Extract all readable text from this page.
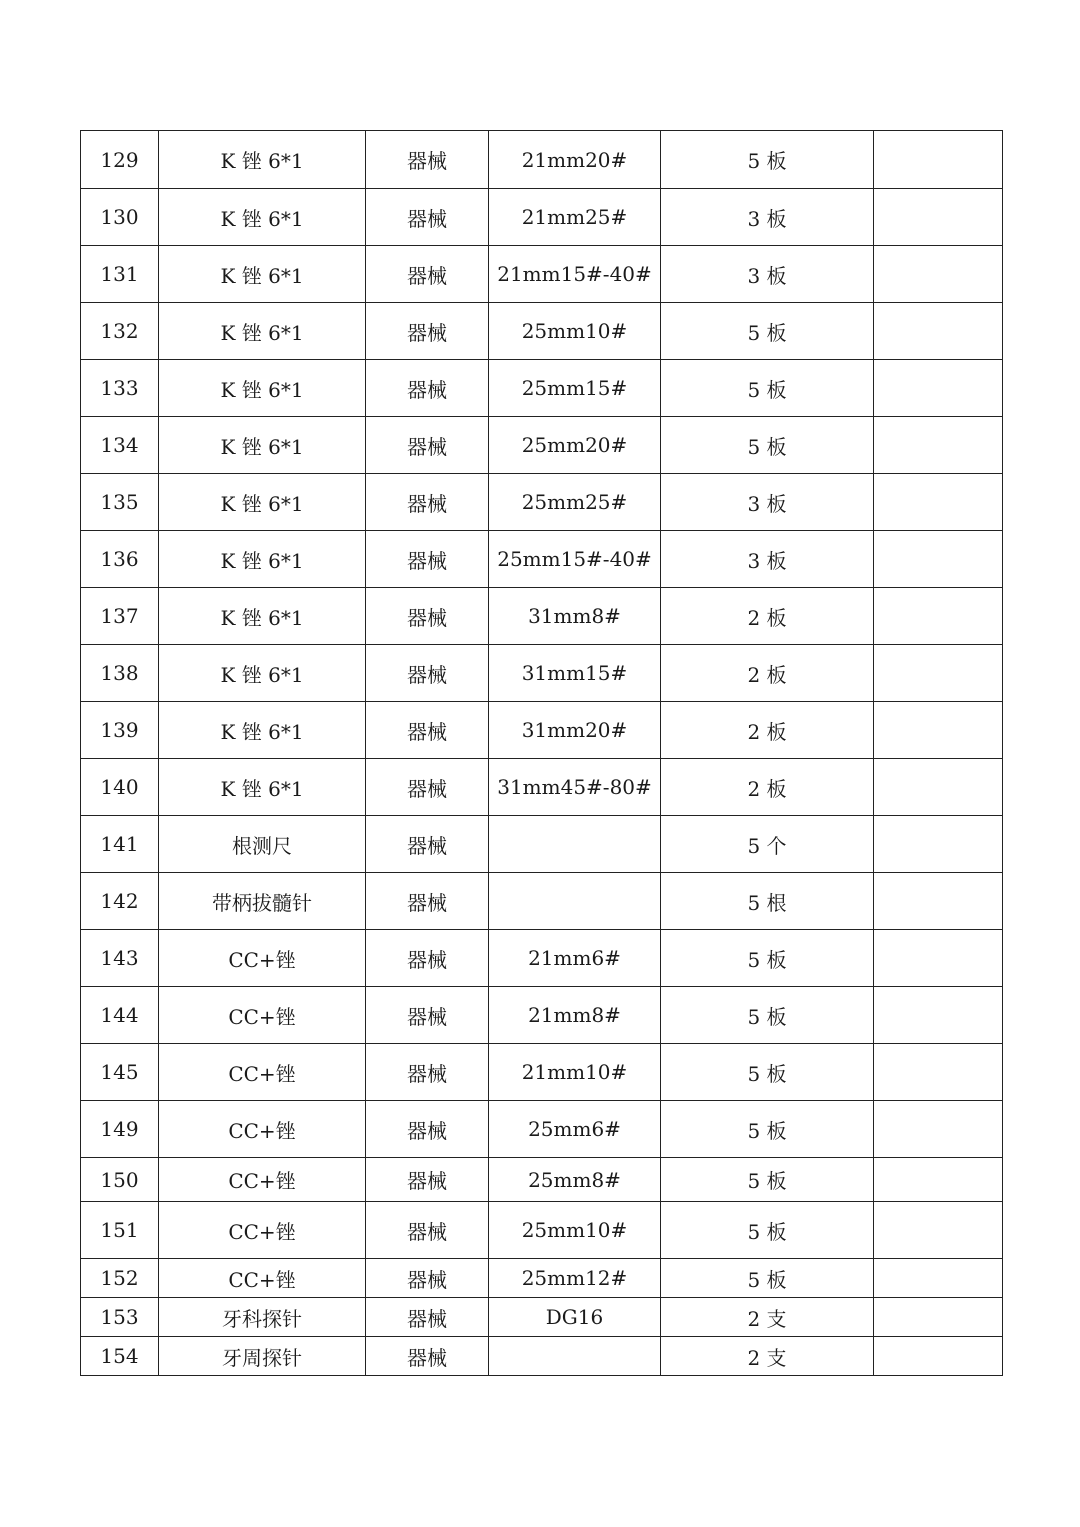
129	K 锉 6*1	器械	21mm20#	5 板	
130	K 锉 6*1	器械	21mm25#	3 板	
131	K 锉 6*1	器械	21mm15#-40#	3 板	
132	K 锉 6*1	器械	25mm10#	5 板	
133	K 锉 6*1	器械	25mm15#	5 板	
134	K 锉 6*1	器械	25mm20#	5 板	
135	K 锉 6*1	器械	25mm25#	3 板	
136	K 锉 6*1	器械	25mm15#-40#	3 板	
137	K 锉 6*1	器械	31mm8#	2 板	
138	K 锉 6*1	器械	31mm15#	2 板	
139	K 锉 6*1	器械	31mm20#	2 板	
140	K 锉 6*1	器械	31mm45#-80#	2 板	
141	根测尺	器械		5 个	
142	带柄拔髓针	器械		5 根	
143	CC+锉	器械	21mm6#	5 板	
144	CC+锉	器械	21mm8#	5 板	
145	CC+锉	器械	21mm10#	5 板	
149	CC+锉	器械	25mm6#	5 板	
150	CC+锉	器械	25mm8#	5 板	
151	CC+锉	器械	25mm10#	5 板	
152	CC+锉	器械	25mm12#	5 板	
153	牙科探针	器械	DG16	2 支	
154	牙周探针	器械		2 支	
